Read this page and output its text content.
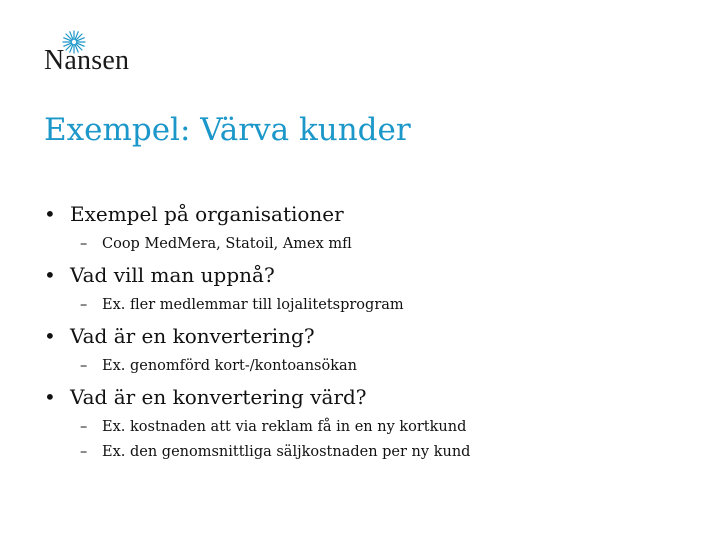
Nansen
Exempel: Värva kunder
• Exempel på organisationer
– Coop MedMera, Statoil, Amex mfl
• Vad vill man uppnå?
– Ex. fler medlemmar till lojalitetsprogram
• Vad är en konvertering?
– Ex. genomförd kort-/kontoansökan
• Vad är en konvertering värd?
– Ex. kostnaden att via reklam få in en ny kortkund
– Ex. den genomsnittliga säljkostnaden per ny kund
